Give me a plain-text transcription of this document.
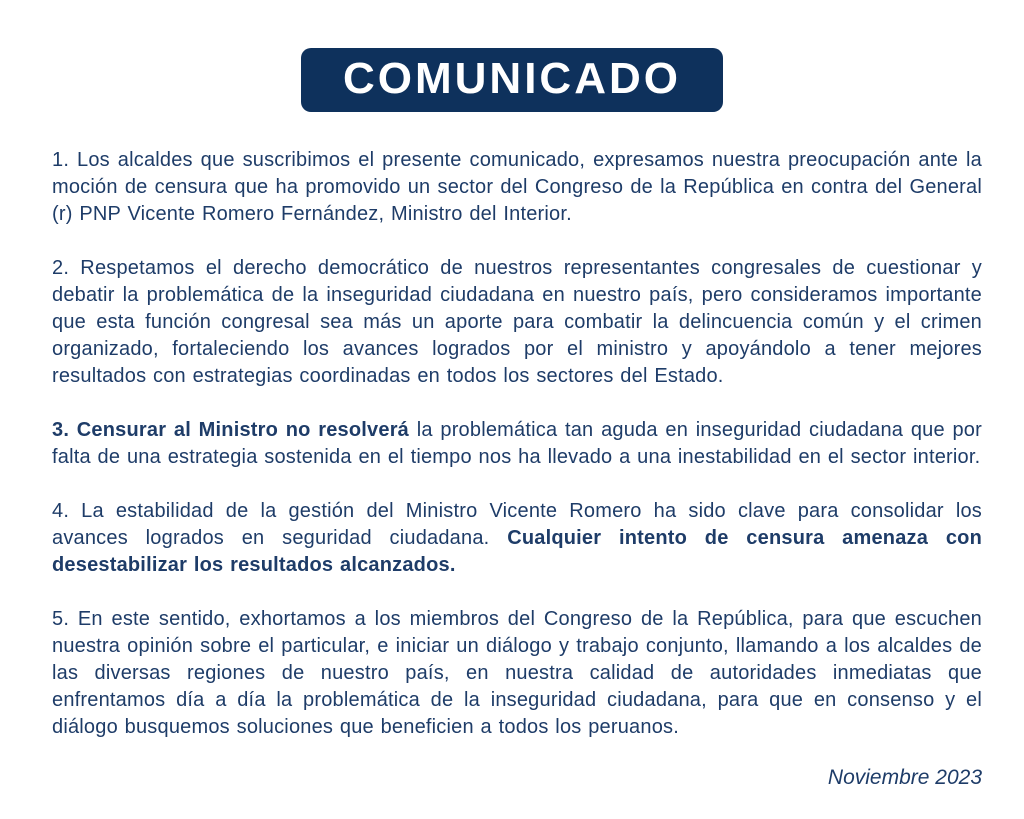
COMUNICADO

1. Los alcaldes que suscribimos el presente comunicado, expresamos nuestra preocupación ante la moción de censura que ha promovido un sector del Congreso de la República en contra del General (r) PNP Vicente Romero Fernández, Ministro del Interior.

2. Respetamos el derecho democrático de nuestros representantes congresales de cuestionar y debatir la problemática de la inseguridad ciudadana en nuestro país, pero consideramos importante que esta función congresal sea más un aporte para combatir la delincuencia común y el crimen organizado, fortaleciendo los avances logrados por el ministro y apoyándolo a tener mejores resultados con estrategias coordinadas en todos los sectores del Estado.

3. Censurar al Ministro no resolverá la problemática tan aguda en inseguridad ciudadana que por falta de una estrategia sostenida en el tiempo nos ha llevado a una inestabilidad en el sector interior.

4. La estabilidad de la gestión del Ministro Vicente Romero ha sido clave para consolidar los avances logrados en seguridad ciudadana. Cualquier intento de censura amenaza con desestabilizar los resultados alcanzados.

5. En este sentido, exhortamos a los miembros del Congreso de la República, para que escuchen nuestra opinión sobre el particular, e iniciar un diálogo y trabajo conjunto, llamando a los alcaldes de las diversas regiones de nuestro país, en nuestra calidad de autoridades inmediatas que enfrentamos día a día la problemática de la inseguridad ciudadana, para que en consenso y el diálogo busquemos soluciones que beneficien a todos los peruanos.

Noviembre 2023
